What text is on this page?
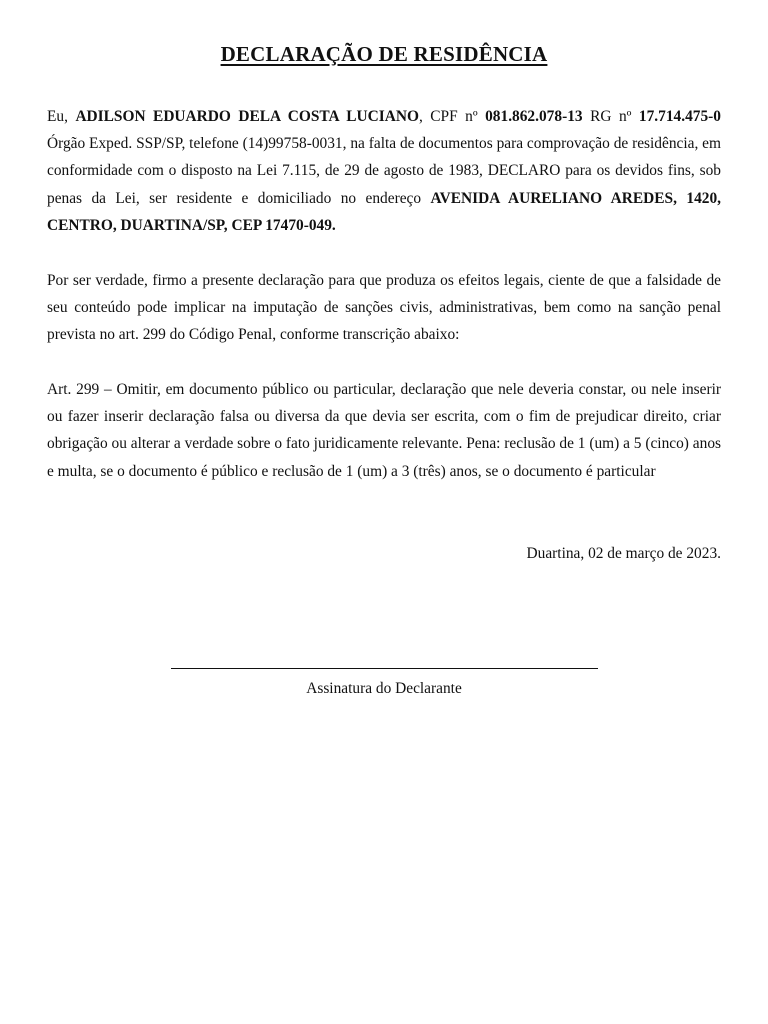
DECLARAÇÃO DE RESIDÊNCIA
Eu, ADILSON EDUARDO DELA COSTA LUCIANO, CPF nº 081.862.078-13 RG nº 17.714.475-0 Órgão Exped. SSP/SP, telefone (14)99758-0031, na falta de documentos para comprovação de residência, em conformidade com o disposto na Lei 7.115, de 29 de agosto de 1983, DECLARO para os devidos fins, sob penas da Lei, ser residente e domiciliado no endereço AVENIDA AURELIANO AREDES, 1420, CENTRO, DUARTINA/SP, CEP 17470-049.
Por ser verdade, firmo a presente declaração para que produza os efeitos legais, ciente de que a falsidade de seu conteúdo pode implicar na imputação de sanções civis, administrativas, bem como na sanção penal prevista no art. 299 do Código Penal, conforme transcrição abaixo:
Art. 299 – Omitir, em documento público ou particular, declaração que nele deveria constar, ou nele inserir ou fazer inserir declaração falsa ou diversa da que devia ser escrita, com o fim de prejudicar direito, criar obrigação ou alterar a verdade sobre o fato juridicamente relevante. Pena: reclusão de 1 (um) a 5 (cinco) anos e multa, se o documento é público e reclusão de 1 (um) a 3 (três) anos, se o documento é particular
Duartina, 02 de março de 2023.
Assinatura do Declarante
